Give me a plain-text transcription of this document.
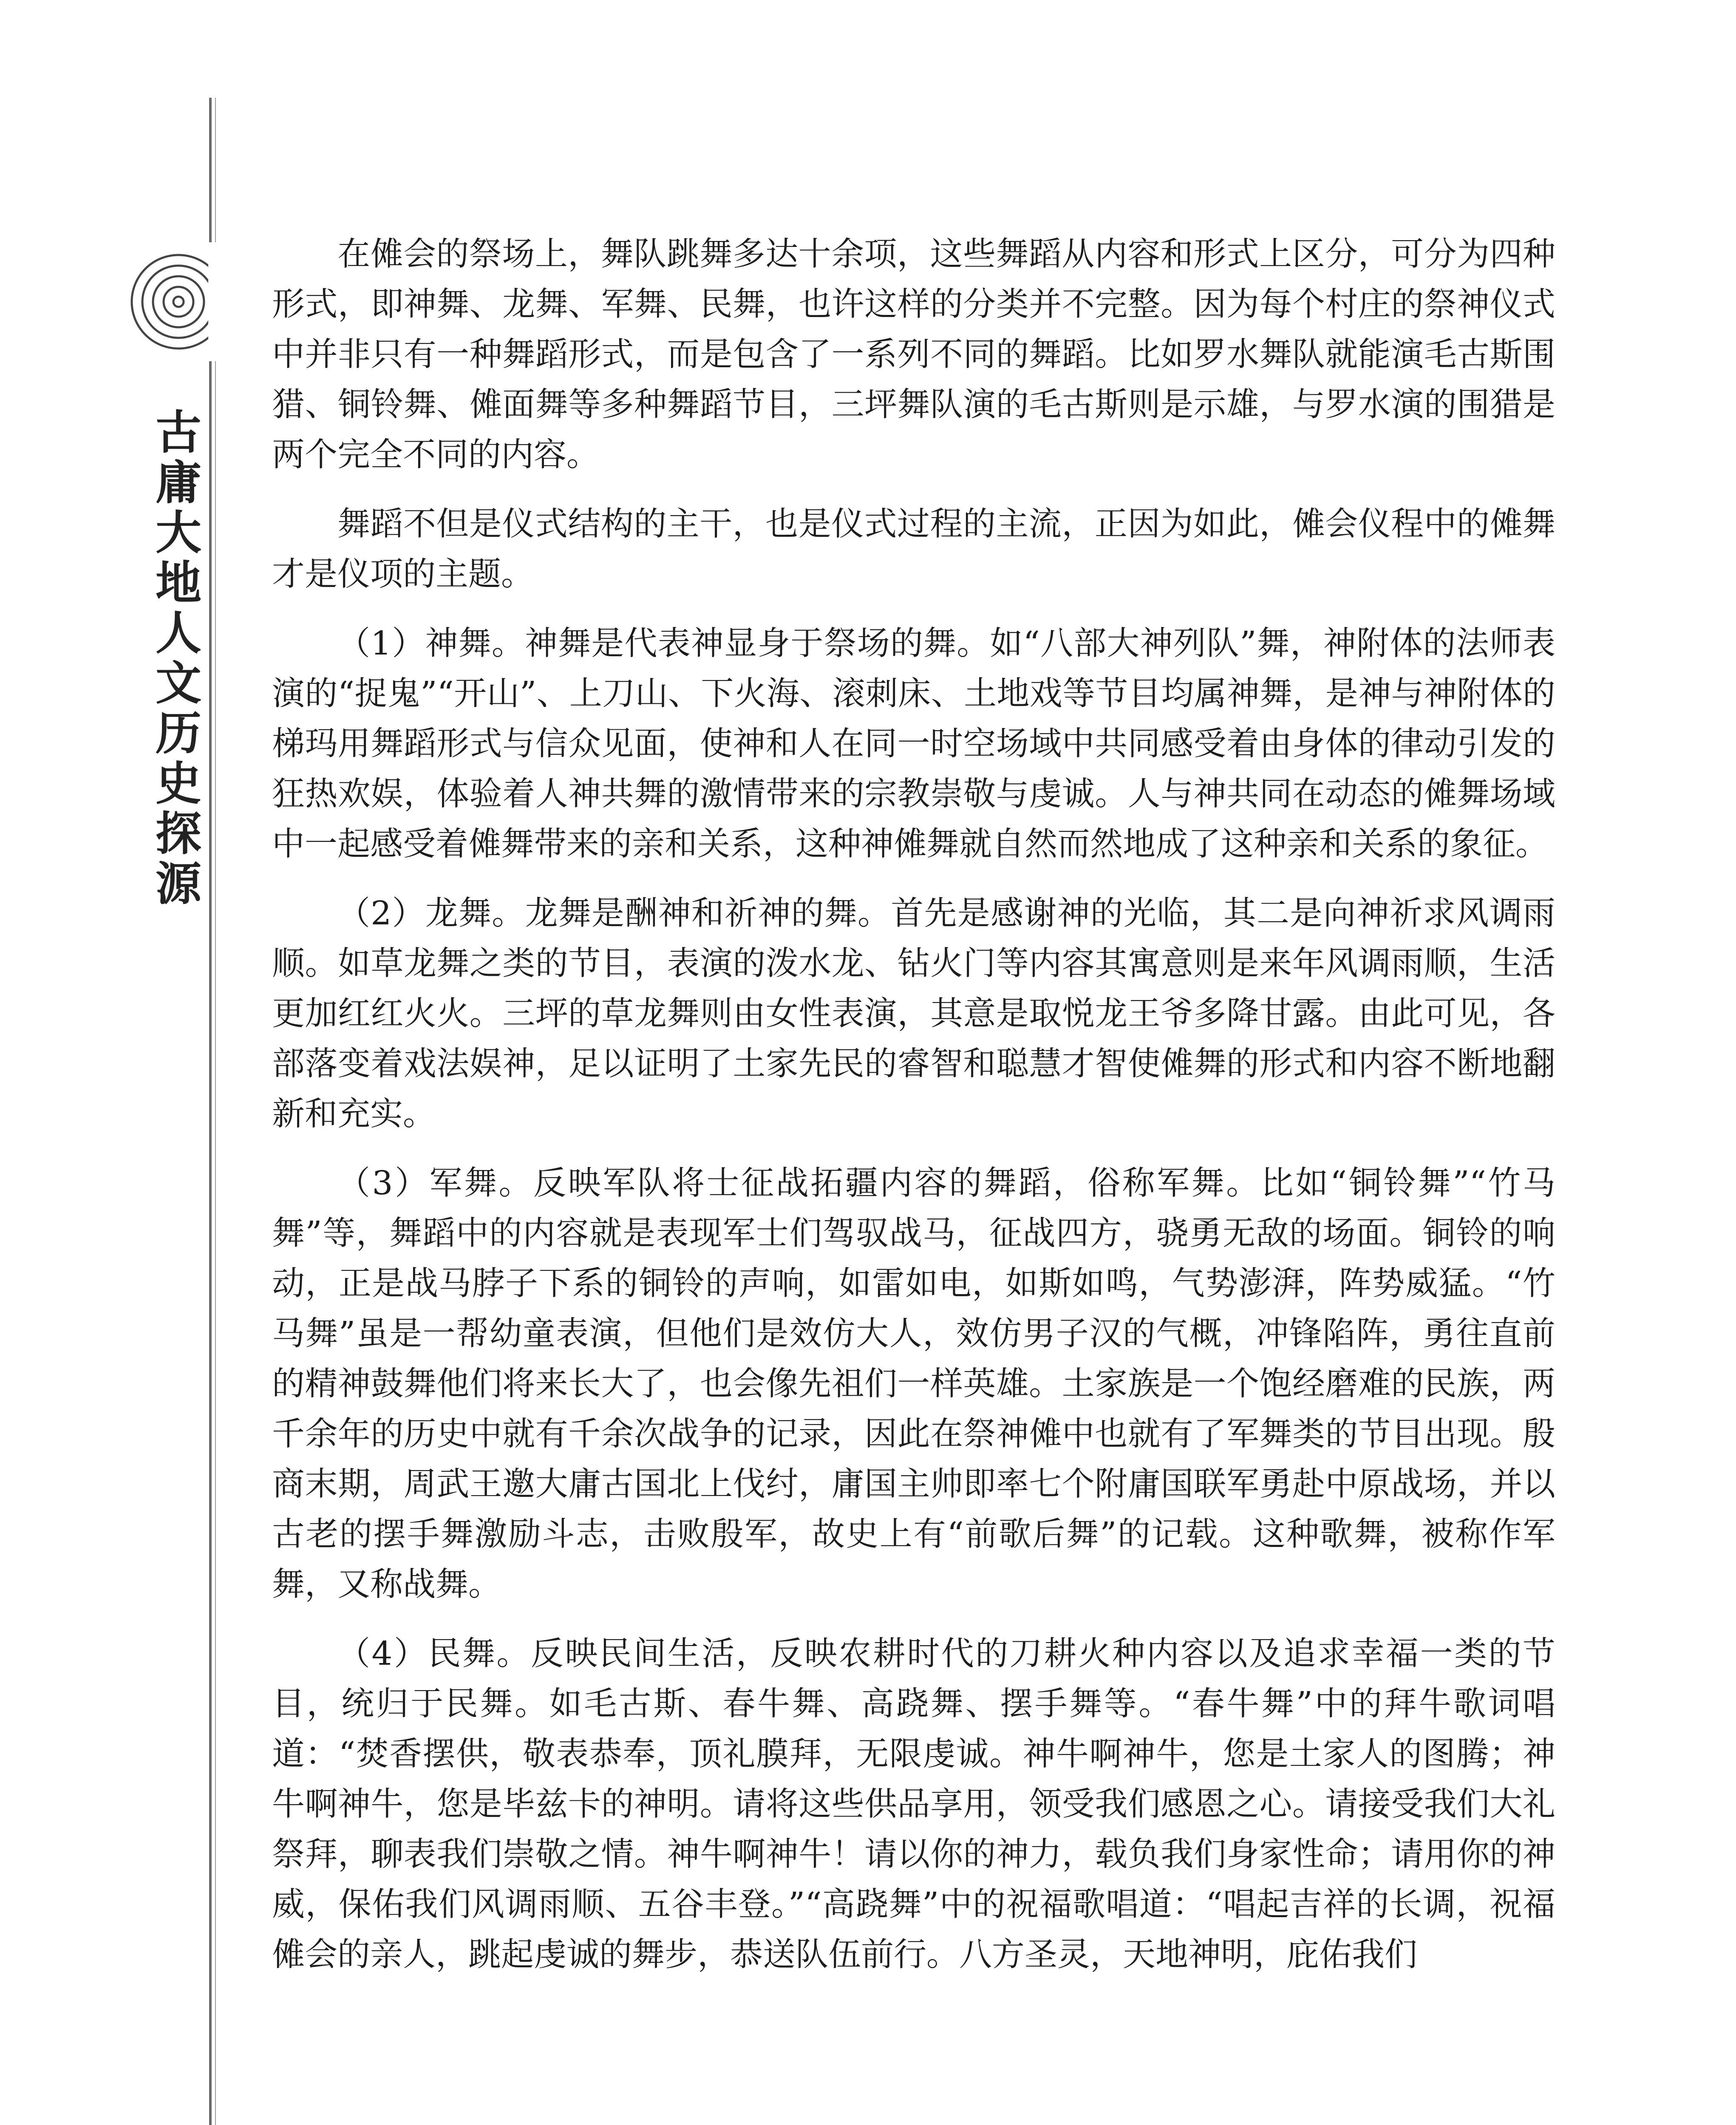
古
庸
大
地
人
文
历
史
探
源

在傩会的祭场上，舞队跳舞多达十余项，这些舞蹈从内容和形式上区分，可分为四种形式，即神舞、龙舞、军舞、民舞，也许这样的分类并不完整。因为每个村庄的祭神仪式中并非只有一种舞蹈形式，而是包含了一系列不同的舞蹈。比如罗水舞队就能演毛古斯围猎、铜铃舞、傩面舞等多种舞蹈节目，三坪舞队演的毛古斯则是示雄，与罗水演的围猎是两个完全不同的内容。

舞蹈不但是仪式结构的主干，也是仪式过程的主流，正因为如此，傩会仪程中的傩舞才是仪项的主题。

（1）神舞。神舞是代表神显身于祭场的舞。如“八部大神列队”舞，神附体的法师表演的“捉鬼”“开山”、上刀山、下火海、滚刺床、土地戏等节目均属神舞，是神与神附体的梯玛用舞蹈形式与信众见面，使神和人在同一时空场域中共同感受着由身体的律动引发的狂热欢娱，体验着人神共舞的激情带来的宗教崇敬与虔诚。人与神共同在动态的傩舞场域中一起感受着傩舞带来的亲和关系，这种神傩舞就自然而然地成了这种亲和关系的象征。

（2）龙舞。龙舞是酬神和祈神的舞。首先是感谢神的光临，其二是向神祈求风调雨顺。如草龙舞之类的节目，表演的泼水龙、钻火门等内容其寓意则是来年风调雨顺，生活更加红红火火。三坪的草龙舞则由女性表演，其意是取悦龙王爷多降甘露。由此可见，各部落变着戏法娱神，足以证明了土家先民的睿智和聪慧才智使傩舞的形式和内容不断地翻新和充实。

（3）军舞。反映军队将士征战拓疆内容的舞蹈，俗称军舞。比如“铜铃舞”“竹马舞”等，舞蹈中的内容就是表现军士们驾驭战马，征战四方，骁勇无敌的场面。铜铃的响动，正是战马脖子下系的铜铃的声响，如雷如电，如斯如鸣，气势澎湃，阵势威猛。“竹马舞”虽是一帮幼童表演，但他们是效仿大人，效仿男子汉的气概，冲锋陷阵，勇往直前的精神鼓舞他们将来长大了，也会像先祖们一样英雄。土家族是一个饱经磨难的民族，两千余年的历史中就有千余次战争的记录，因此在祭神傩中也就有了军舞类的节目出现。殷商末期，周武王邀大庸古国北上伐纣，庸国主帅即率七个附庸国联军勇赴中原战场，并以古老的摆手舞激励斗志，击败殷军，故史上有“前歌后舞”的记载。这种歌舞，被称作军舞，又称战舞。

（4）民舞。反映民间生活，反映农耕时代的刀耕火种内容以及追求幸福一类的节目，统归于民舞。如毛古斯、春牛舞、高跷舞、摆手舞等。“春牛舞”中的拜牛歌词唱道：“焚香摆供，敬表恭奉，顶礼膜拜，无限虔诚。神牛啊神牛，您是土家人的图腾；神牛啊神牛，您是毕兹卡的神明。请将这些供品享用，领受我们感恩之心。请接受我们大礼祭拜，聊表我们崇敬之情。神牛啊神牛！请以你的神力，载负我们身家性命；请用你的神威，保佑我们风调雨顺、五谷丰登。”“高跷舞”中的祝福歌唱道：“唱起吉祥的长调，祝福傩会的亲人，跳起虔诚的舞步，恭送队伍前行。八方圣灵，天地神明，庇佑我们
